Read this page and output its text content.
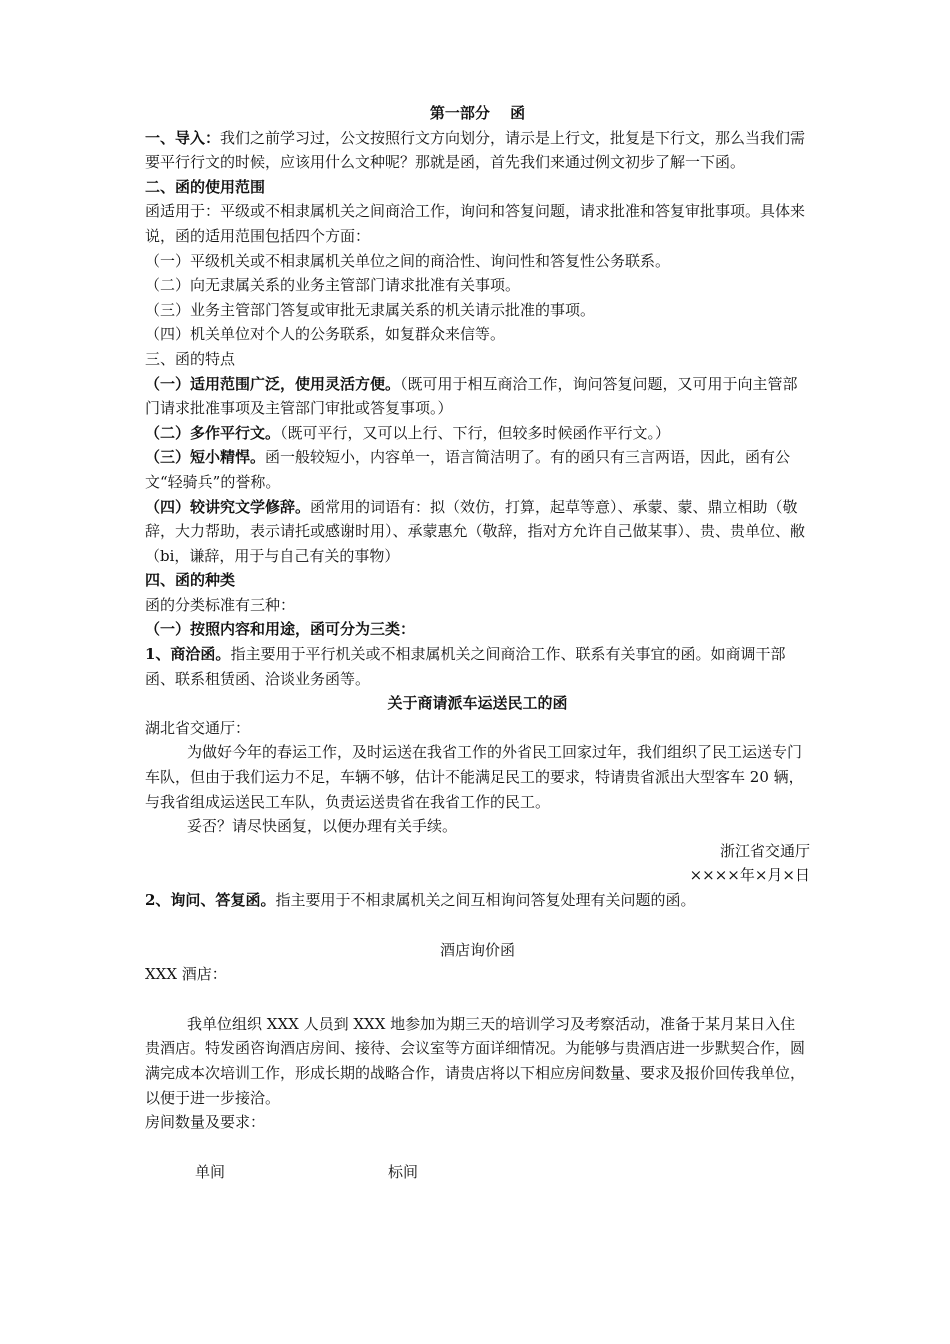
第一部分　 函
一、导入：我们之前学习过，公文按照行文方向划分，请示是上行文，批复是下行文，那么当我们需要平行行文的时候，应该用什么文种呢？那就是函，首先我们来通过例文初步了解一下函。
二、函的使用范围
函适用于：平级或不相隶属机关之间商洽工作，询问和答复问题，请求批准和答复审批事项。具体来说，函的适用范围包括四个方面：
（一）平级机关或不相隶属机关单位之间的商洽性、询问性和答复性公务联系。
（二）向无隶属关系的业务主管部门请求批准有关事项。
（三）业务主管部门答复或审批无隶属关系的机关请示批准的事项。
（四）机关单位对个人的公务联系，如复群众来信等。
三、函的特点
（一）适用范围广泛，使用灵活方便。（既可用于相互商洽工作，询问答复问题，又可用于向主管部门请求批准事项及主管部门审批或答复事项。）
（二）多作平行文。（既可平行，又可以上行、下行，但较多时候函作平行文。）
（三）短小精悍。函一般较短小，内容单一，语言简洁明了。有的函只有三言两语，因此，函有公文“轻骑兵”的誉称。
（四）较讲究文学修辞。函常用的词语有：拟（效仿，打算，起草等意）、承蒙、蒙、鼎立相助（敬辞，大力帮助，表示请托或感谢时用）、承蒙惠允（敬辞，指对方允许自己做某事）、贵、贵单位、敝（bi，谦辞，用于与自己有关的事物）
四、函的种类
函的分类标准有三种：
（一）按照内容和用途，函可分为三类：
1、商洽函。指主要用于平行机关或不相隶属机关之间商洽工作、联系有关事宜的函。如商调干部函、联系租赁函、洽谈业务函等。
关于商请派车运送民工的函
湖北省交通厅：
为做好今年的春运工作，及时运送在我省工作的外省民工回家过年，我们组织了民工运送专门车队，但由于我们运力不足，车辆不够，估计不能满足民工的要求，特请贵省派出大型客车 20 辆，与我省组成运送民工车队，负责运送贵省在我省工作的民工。
妥否？请尽快函复，以便办理有关手续。
浙江省交通厅
××××年×月×日
2、询问、答复函。指主要用于不相隶属机关之间互相询问答复处理有关问题的函。
酒店询价函
XXX 酒店：
我单位组织 XXX 人员到 XXX 地参加为期三天的培训学习及考察活动，准备于某月某日入住贵酒店。特发函咨询酒店房间、接待、会议室等方面详细情况。为能够与贵酒店进一步默契合作，圆满完成本次培训工作，形成长期的战略合作，请贵店将以下相应房间数量、要求及报价回传我单位，以便于进一步接洽。
房间数量及要求：
单间	标间
